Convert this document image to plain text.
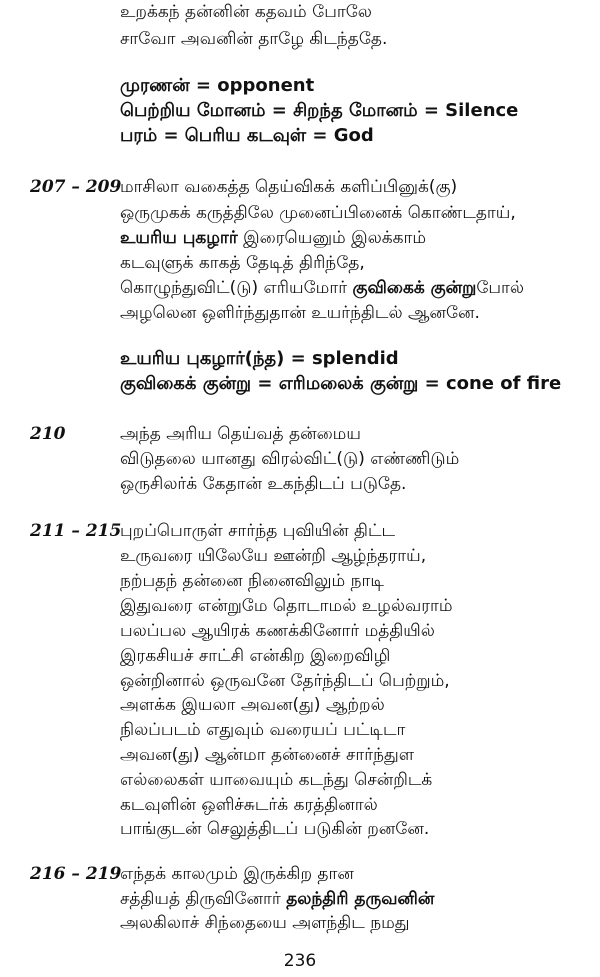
உறக்கந் தன்னின் கதவம் போலே
சாவோ அவனின் தாழே கிடந்ததே.
முரணன் = opponent
பெற்றிய மோனம் = சிறந்த மோனம் = Silence
பரம் = பெரிய கடவுள் = God
207 – 209
மாசிலா வகைத்த தெய்விகக் களிப்பினுக்(கு)
ஒருமுகக் கருத்திலே முனைப்பினைக் கொண்டதாய்,
உயரிய புகழார் இரையெனும் இலக்காம்
கடவுளுக் காகத் தேடித் திரிந்தே,
கொழுந்துவிட்(டு) எரியமோர் குவிகைக் குன்றுபோல்
அழலென ஒளிர்ந்துதான் உயர்ந்திடல் ஆனனே.
உயரிய புகழார்(ந்த) = splendid
குவிகைக் குன்று = எரிமலைக் குன்று = cone of fire
210	அந்த அரிய தெய்வத் தன்மைய
விடுதலை யானது விரல்விட்(டு) எண்ணிடும்
ஒருசிலர்க் கேதான் உகந்திடப் படுதே.
211 – 215
புறப்பொருள் சார்ந்த புவியின் திட்ட
உருவரை யிலேயே ஊன்றி ஆழ்ந்தராய்,
நற்பதந் தன்னை நினைவிலும் நாடி
இதுவரை என்றுமே தொடாமல் உழல்வராம்
பலப்பல ஆயிரக் கணக்கினோர் மத்தியில்
இரகசியச் சாட்சி என்கிற இறைவிழி
ஒன்றினால் ஒருவனே தேர்ந்திடப் பெற்றும்,
அளக்க இயலா அவன(து) ஆற்றல்
நிலப்படம் எதுவும் வரையப் பட்டிடா
அவன(து) ஆன்மா தன்னைச் சார்ந்துள
எல்லைகள் யாவையும் கடந்து சென்றிடக்
கடவுளின் ஒளிச்சுடர்க் கரத்தினால்
பாங்குடன் செலுத்திடப் படுகின் றனனே.
216 – 219
எந்தக் காலமும் இருக்கிற தான
சத்தியத் திருவினோர் தலந்திரி தருவனின்
அலகிலாச் சிந்தையை அளந்திட நமது
236
